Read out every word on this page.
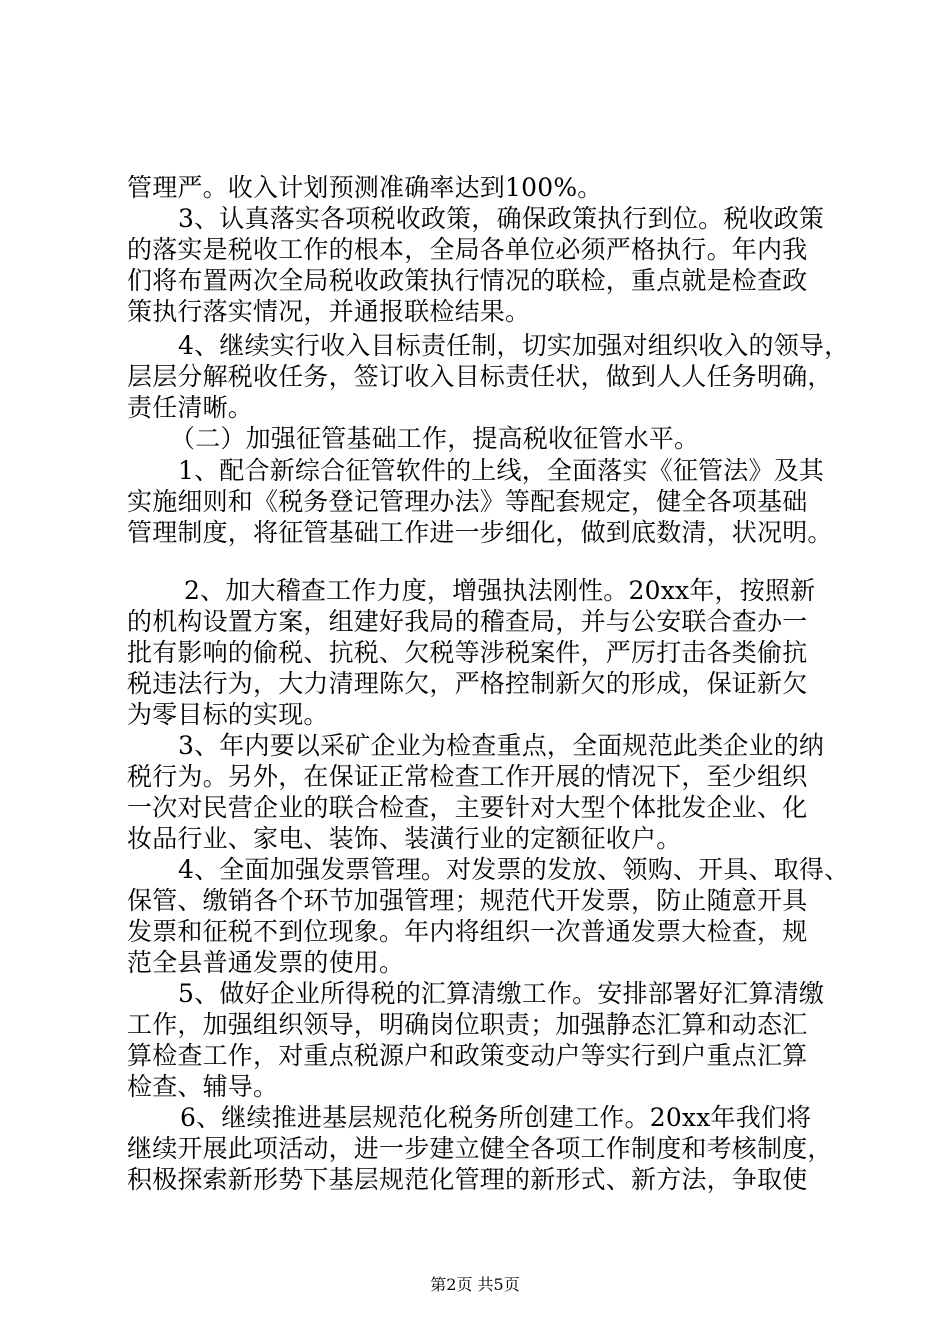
管理严。收入计划预测准确率达到100%。
3、认真落实各项税收政策，确保政策执行到位。税收政策
的落实是税收工作的根本，全局各单位必须严格执行。年内我
们将布置两次全局税收政策执行情况的联检，重点就是检查政
策执行落实情况，并通报联检结果。
4、继续实行收入目标责任制，切实加强对组织收入的领导，
层层分解税收任务，签订收入目标责任状，做到人人任务明确，
责任清晰。
（二）加强征管基础工作，提高税收征管水平。
1、配合新综合征管软件的上线，全面落实《征管法》及其
实施细则和《税务登记管理办法》等配套规定，健全各项基础
管理制度，将征管基础工作进一步细化，做到底数清，状况明。
2、加大稽查工作力度，增强执法刚性。20xx年，按照新
的机构设置方案，组建好我局的稽查局，并与公安联合查办一
批有影响的偷税、抗税、欠税等涉税案件，严厉打击各类偷抗
税违法行为，大力清理陈欠，严格控制新欠的形成，保证新欠
为零目标的实现。
3、年内要以采矿企业为检查重点，全面规范此类企业的纳
税行为。另外，在保证正常检查工作开展的情况下，至少组织
一次对民营企业的联合检查，主要针对大型个体批发企业、化
妆品行业、家电、装饰、装潢行业的定额征收户。
4、全面加强发票管理。对发票的发放、领购、开具、取得、
保管、缴销各个环节加强管理；规范代开发票，防止随意开具
发票和征税不到位现象。年内将组织一次普通发票大检查，规
范全县普通发票的使用。
5、做好企业所得税的汇算清缴工作。安排部署好汇算清缴
工作，加强组织领导，明确岗位职责；加强静态汇算和动态汇
算检查工作，对重点税源户和政策变动户等实行到户重点汇算
检查、辅导。
6、继续推进基层规范化税务所创建工作。20xx年我们将
继续开展此项活动，进一步建立健全各项工作制度和考核制度，
积极探索新形势下基层规范化管理的新形式、新方法，争取使
第2页 共5页
